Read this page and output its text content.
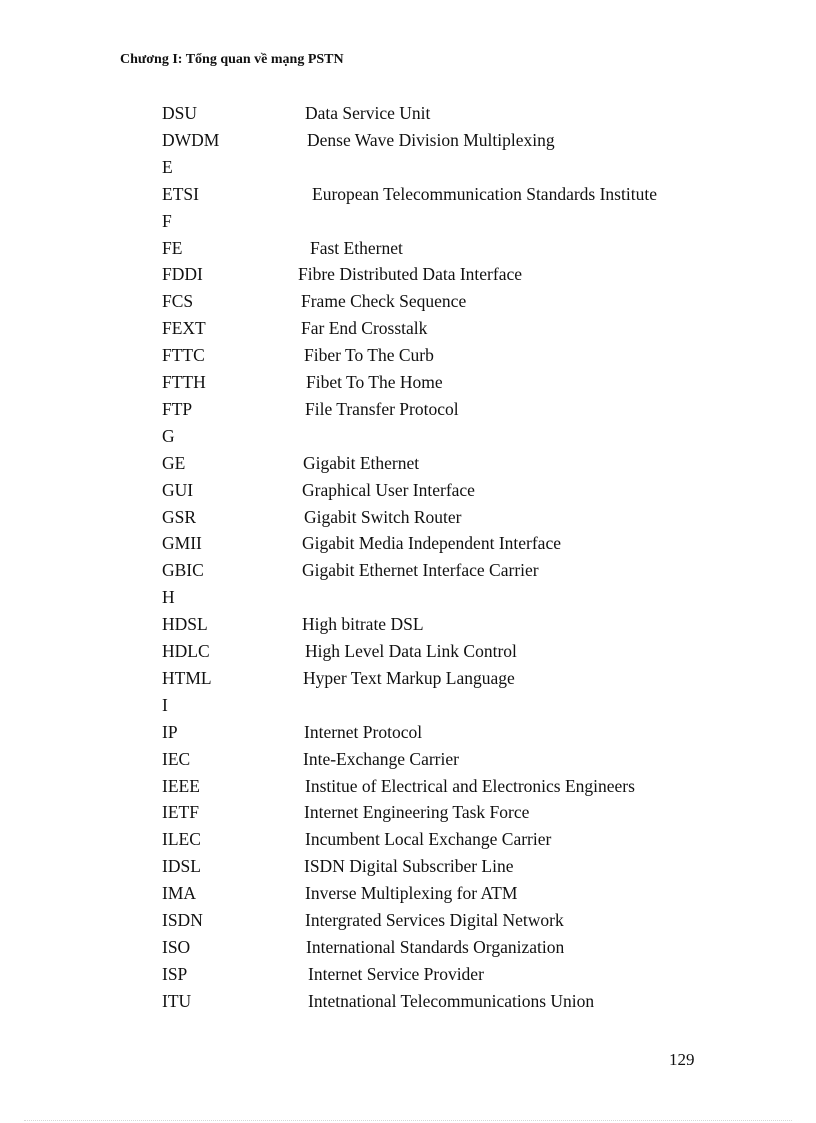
Chương I: Tổng quan về mạng PSTN
DSU	Data Service Unit
DWDM	Dense Wave Division Multiplexing
E
ETSI	European Telecommunication Standards Institute
F
FE	Fast Ethernet
FDDI	Fibre Distributed Data Interface
FCS	Frame Check Sequence
FEXT	Far End Crosstalk
FTTC	Fiber To The Curb
FTTH	Fibet To The Home
FTP	File Transfer Protocol
G
GE	Gigabit Ethernet
GUI	Graphical User Interface
GSR	Gigabit Switch Router
GMII	Gigabit Media Independent Interface
GBIC	Gigabit Ethernet Interface Carrier
H
HDSL	High bitrate DSL
HDLC	High Level Data Link Control
HTML	Hyper Text Markup Language
I
IP	Internet Protocol
IEC	Inte-Exchange Carrier
IEEE	Institue of Electrical and Electronics Engineers
IETF	Internet Engineering Task Force
ILEC	Incumbent Local Exchange Carrier
IDSL	ISDN Digital Subscriber Line
IMA	Inverse Multiplexing for ATM
ISDN	Intergrated Services Digital Network
ISO	International Standards Organization
ISP	Internet Service Provider
ITU	Intetnational Telecommunications Union
129
